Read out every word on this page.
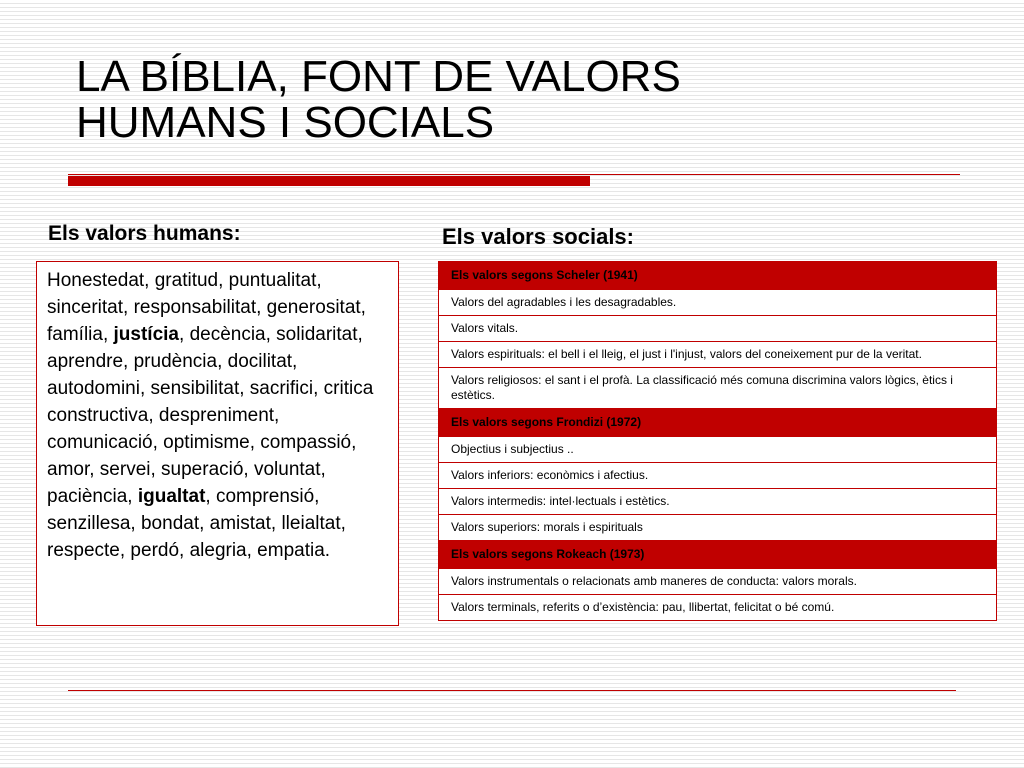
LA BÍBLIA, FONT DE VALORS
HUMANS I SOCIALS
Els valors humans:	Els valors socials:
Honestedat, gratitud, puntualitat, sinceritat, responsabilitat, generositat, família, justícia, decència, solidaritat, aprendre, prudència, docilitat, autodomini, sensibilitat, sacrifici, critica constructiva, despreniment, comunicació, optimisme, compassió, amor, servei, superació, voluntat, paciència, igualtat, comprensió, senzillesa, bondat, amistat, lleialtat, respecte, perdó, alegria, empatia.
Els valors segons Scheler (1941)
Valors del agradables i les desagradables.
Valors vitals.
Valors espirituals: el bell i el lleig, el just i l'injust, valors del coneixement pur de la veritat.
Valors religiosos: el sant i el profà. La classificació més comuna discrimina valors lògics, ètics i estètics.
Els valors segons Frondizi (1972)
Objectius i subjectius ..
Valors inferiors: econòmics i afectius.
Valors intermedis: intel·lectuals i estètics.
Valors superiors: morals i espirituals
Els valors segons Rokeach (1973)
Valors instrumentals o relacionats amb maneres de conducta: valors morals.
Valors terminals, referits o d’existència: pau, llibertat, felicitat o bé comú.
